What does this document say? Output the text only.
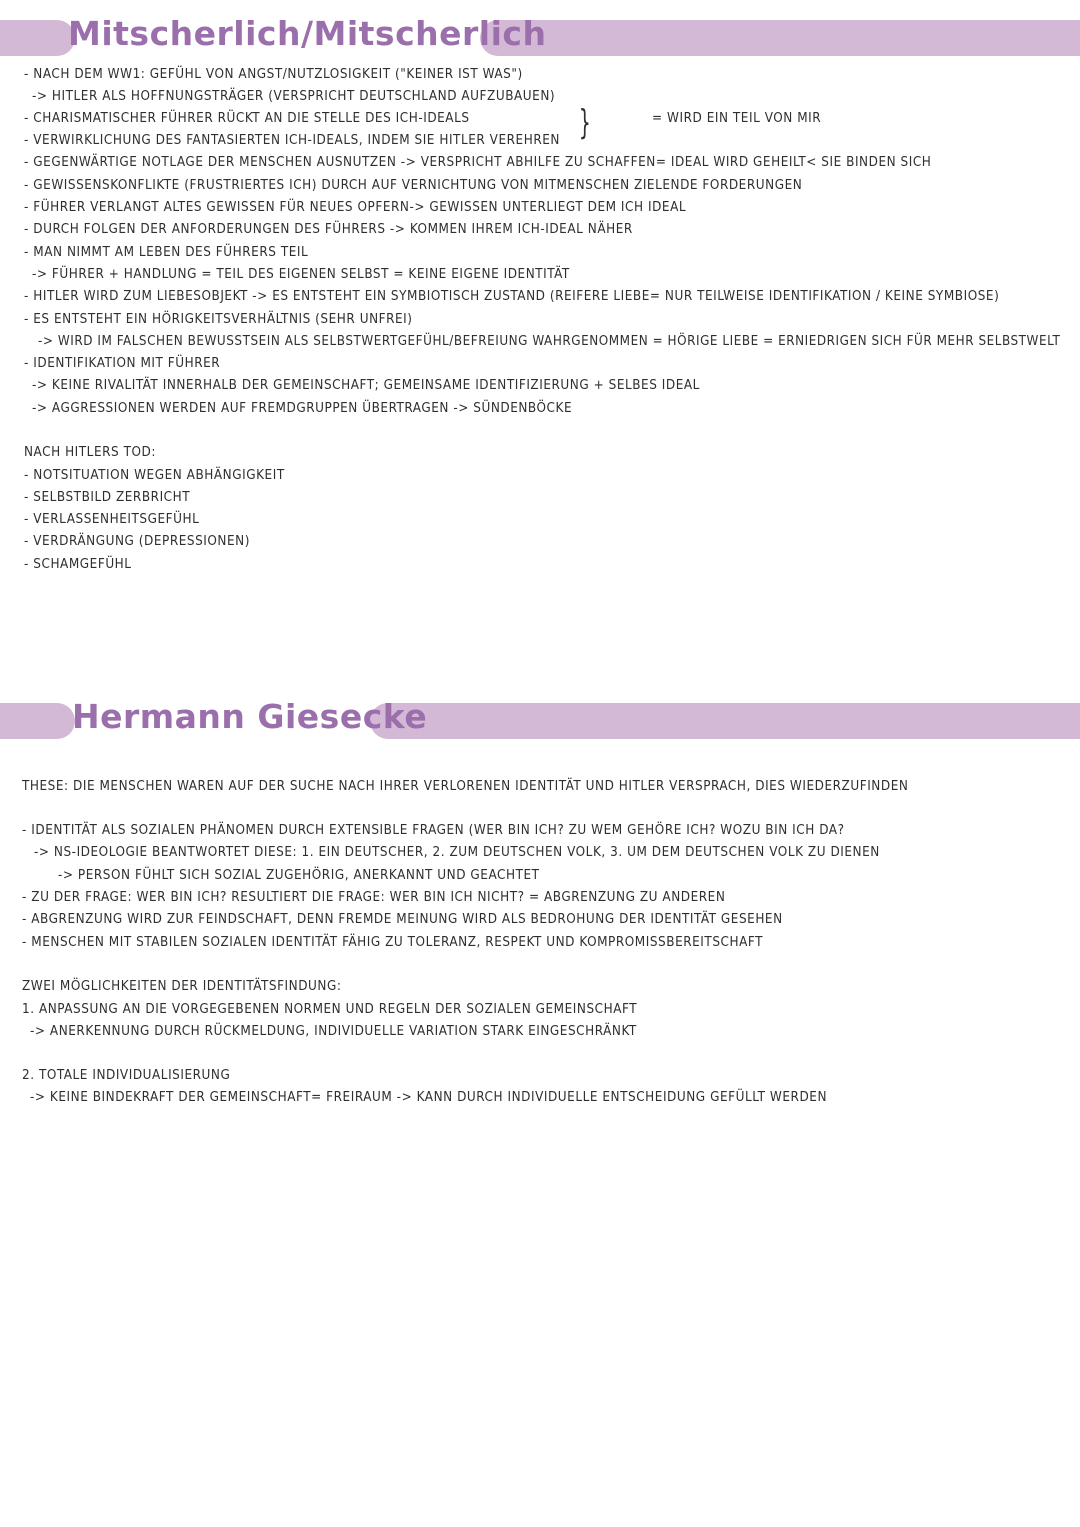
Mitscherlich/Mitscherlich
- NACH DEM WW1: GEFÜHL VON ANGST/NUTZLOSIGKEIT ("KEINER IST WAS")
-> HITLER ALS HOFFNUNGSTRÄGER (VERSPRICHT DEUTSCHLAND AUFZUBAUEN)
- CHARISMATISCHER FÜHRER RÜCKT AN DIE STELLE DES ICH-IDEALS
- VERWIRKLICHUNG DES FANTASIERTEN ICH-IDEALS, INDEM SIE HITLER VEREHREN }	= WIRD EIN TEIL VON MIR
- GEGENWÄRTIGE NOTLAGE DER MENSCHEN AUSNUTZEN -> VERSPRICHT ABHILFE ZU SCHAFFEN= IDEAL WIRD GEHEILT< SIE BINDEN SICH
- GEWISSENSKONFLIKTE (FRUSTRIERTES ICH) DURCH AUF VERNICHTUNG VON MITMENSCHEN ZIELENDE FORDERUNGEN
- FÜHRER VERLANGT ALTES GEWISSEN FÜR NEUES OPFERN-> GEWISSEN UNTERLIEGT DEM ICH IDEAL
- DURCH FOLGEN DER ANFORDERUNGEN DES FÜHRERS -> KOMMEN IHREM ICH-IDEAL NÄHER
- MAN NIMMT AM LEBEN DES FÜHRERS TEIL
-> FÜHRER + HANDLUNG = TEIL DES EIGENEN SELBST = KEINE EIGENE IDENTITÄT
- HITLER WIRD ZUM LIEBESOBJEKT -> ES ENTSTEHT EIN SYMBIOTISCH ZUSTAND (REIFERE LIEBE= NUR TEILWEISE IDENTIFIKATION / KEINE SYMBIOSE)
- ES ENTSTEHT EIN HÖRIGKEITSVERHÄLTNIS (SEHR UNFREI)
-> WIRD IM FALSCHEN BEWUSSTSEIN ALS SELBSTWERTGEFÜHL/BEFREIUNG WAHRGENOMMEN = HÖRIGE LIEBE = ERNIEDRIGEN SICH FÜR MEHR SELBSTWELT
- IDENTIFIKATION MIT FÜHRER
-> KEINE RIVALITÄT INNERHALB DER GEMEINSCHAFT; GEMEINSAME IDENTIFIZIERUNG + SELBES IDEAL
-> AGGRESSIONEN WERDEN AUF FREMDGRUPPEN ÜBERTRAGEN -> SÜNDENBÖCKE
NACH HITLERS TOD:
- NOTSITUATION WEGEN ABHÄNGIGKEIT
- SELBSTBILD ZERBRICHT
- VERLASSENHEITSGEFÜHL
- VERDRÄNGUNG (DEPRESSIONEN)
- SCHAMGEFÜHL
Hermann Giesecke
THESE: DIE MENSCHEN WAREN AUF DER SUCHE NACH IHRER VERLORENEN IDENTITÄT UND HITLER VERSPRACH, DIES WIEDERZUFINDEN
- IDENTITÄT ALS SOZIALEN PHÄNOMEN DURCH EXTENSIBLE FRAGEN (WER BIN ICH? ZU WEM GEHÖRE ICH? WOZU BIN ICH DA?
-> NS-IDEOLOGIE BEANTWORTET DIESE: 1. EIN DEUTSCHER, 2. ZUM DEUTSCHEN VOLK, 3. UM DEM DEUTSCHEN VOLK ZU DIENEN
-> PERSON FÜHLT SICH SOZIAL ZUGEHÖRIG, ANERKANNT UND GEACHTET
- ZU DER FRAGE: WER BIN ICH? RESULTIERT DIE FRAGE: WER BIN ICH NICHT? = ABGRENZUNG ZU ANDEREN
- ABGRENZUNG WIRD ZUR FEINDSCHAFT, DENN FREMDE MEINUNG WIRD ALS BEDROHUNG DER IDENTITÄT GESEHEN
- MENSCHEN MIT STABILEN SOZIALEN IDENTITÄT FÄHIG ZU TOLERANZ, RESPEKT UND KOMPROMISSBEREITSCHAFT
ZWEI MÖGLICHKEITEN DER IDENTITÄTSFINDUNG:
1. ANPASSUNG AN DIE VORGEGEBENEN NORMEN UND REGELN DER SOZIALEN GEMEINSCHAFT
-> ANERKENNUNG DURCH RÜCKMELDUNG, INDIVIDUELLE VARIATION STARK EINGESCHRÄNKT
2. TOTALE INDIVIDUALISIERUNG
-> KEINE BINDEKRAFT DER GEMEINSCHAFT= FREIRAUM -> KANN DURCH INDIVIDUELLE ENTSCHEIDUNG GEFÜLLT WERDEN
